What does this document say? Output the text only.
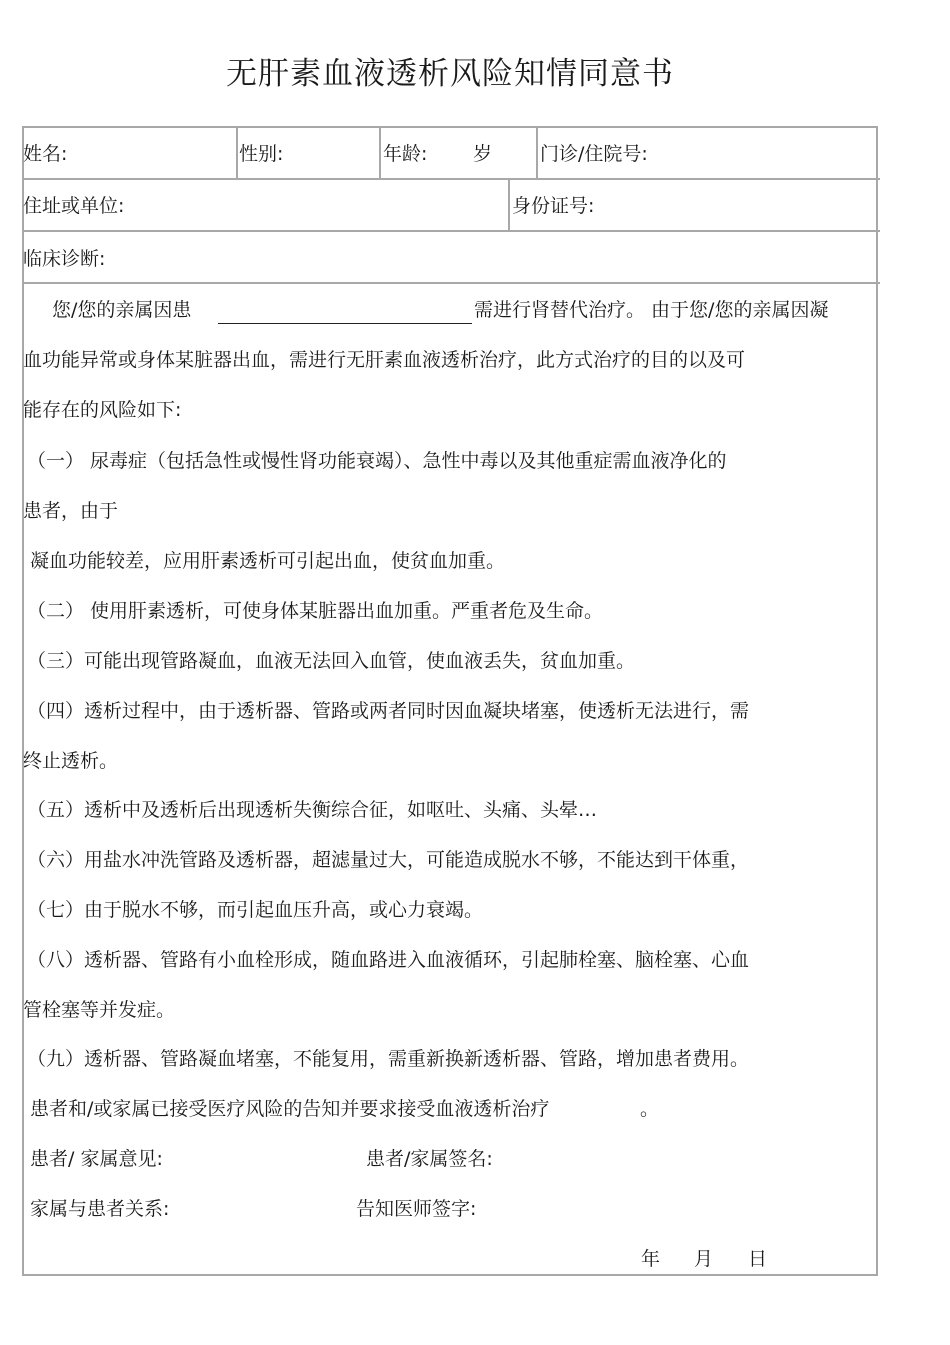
无肝素血液透析风险知情同意书
姓名:	性别:	年龄: 岁	门诊/住院号:
住址或单位:	身份证号:
临床诊断:
您/您的亲属因患	需进行肾替代治疗。 由于您/您的亲属因凝
血功能异常或身体某脏器出血，需进行无肝素血液透析治疗，此方式治疗的目的以及可
能存在的风险如下:
（一） 尿毒症（包括急性或慢性肾功能衰竭）、急性中毒以及其他重症需血液净化的
患者，由于
凝血功能较差，应用肝素透析可引起出血，使贫血加重。
（二） 使用肝素透析，可使身体某脏器出血加重。严重者危及生命。
（三）可能出现管路凝血，血液无法回入血管，使血液丢失，贫血加重。
（四）透析过程中，由于透析器、管路或两者同时因血凝块堵塞，使透析无法进行，需
终止透析。
（五）透析中及透析后出现透析失衡综合征，如呕吐、头痛、头晕…
（六）用盐水冲洗管路及透析器，超滤量过大，可能造成脱水不够，不能达到干体重，
（七）由于脱水不够，而引起血压升高，或心力衰竭。
（八）透析器、管路有小血栓形成，随血路进入血液循环，引起肺栓塞、脑栓塞、心血
管栓塞等并发症。
（九）透析器、管路凝血堵塞，不能复用，需重新换新透析器、管路，增加患者费用。
患者和/或家属已接受医疗风险的告知并要求接受血液透析治疗	。
患者/ 家属意见:	患者/家属签名:
家属与患者关系:	告知医师签字:
年 月 日
